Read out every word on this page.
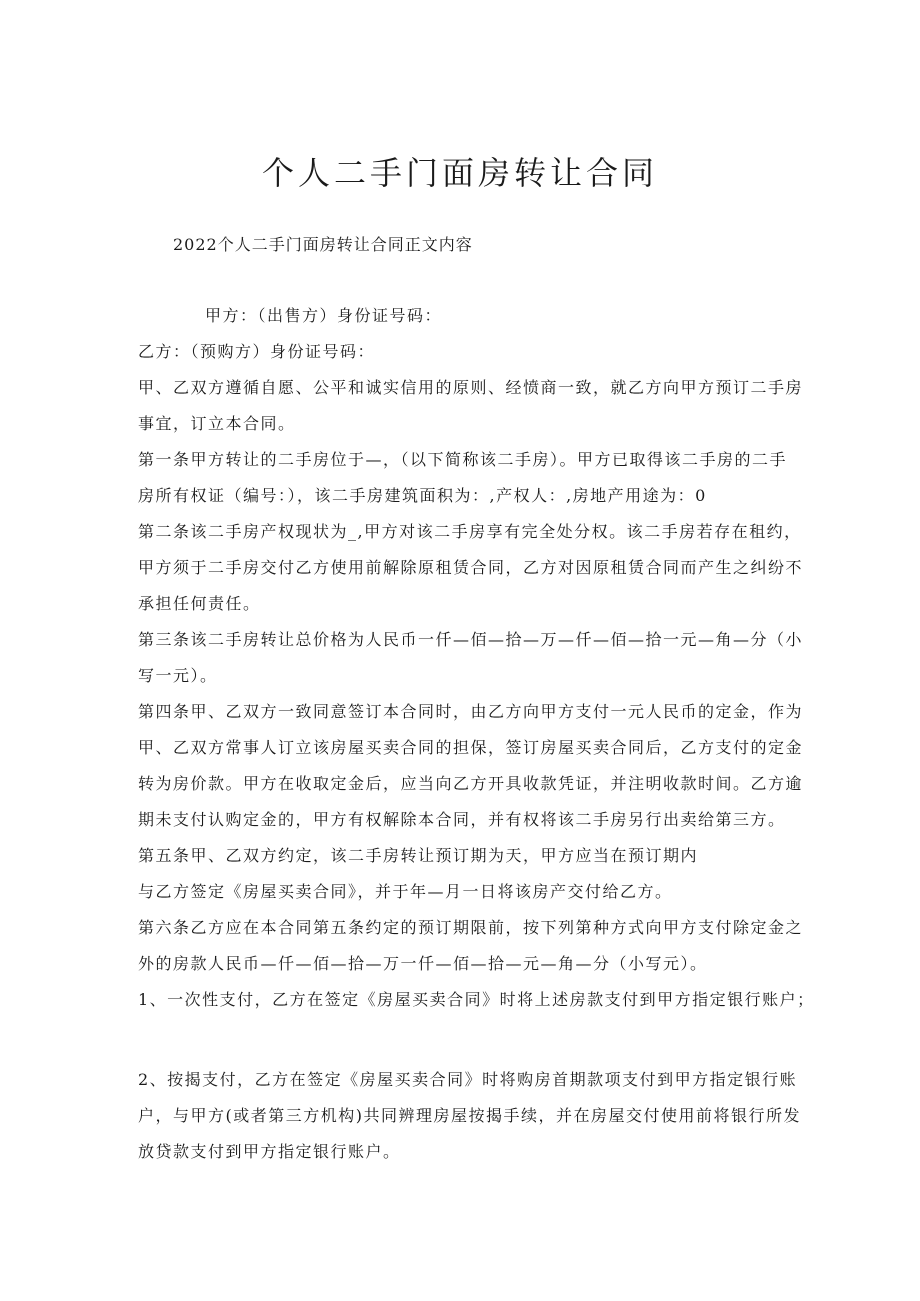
个人二手门面房转让合同

2022个人二手门面房转让合同正文内容

甲方：（出售方）身份证号码：

乙方：（预购方）身份证号码：

甲、乙双方遵循自愿、公平和诚实信用的原则、经愤商一致，就乙方向甲方预订二手房
事宜，订立本合同。

第一条甲方转让的二手房位于—，（以下简称该二手房）。甲方已取得该二手房的二手
房所有权证（编号：），该二手房建筑面积为：,产权人：,房地产用途为：0

第二条该二手房产权现状为_,甲方对该二手房享有完全处分权。该二手房若存在租约，
甲方须于二手房交付乙方使用前解除原租赁合同，乙方对因原租赁合同而产生之纠纷不
承担任何责任。

第三条该二手房转让总价格为人民币一仟—佰—拾—万—仟—佰—拾一元—角—分（小
写一元）。

第四条甲、乙双方一致同意签订本合同时，由乙方向甲方支付一元人民币的定金，作为
甲、乙双方常事人订立该房屋买卖合同的担保，签订房屋买卖合同后，乙方支付的定金
转为房价款。甲方在收取定金后，应当向乙方开具收款凭证，并注明收款时间。乙方逾
期未支付认购定金的，甲方有权解除本合同，并有权将该二手房另行出卖给第三方。

第五条甲、乙双方约定，该二手房转让预订期为天，甲方应当在预订期内
与乙方签定《房屋买卖合同》，并于年—月一日将该房产交付给乙方。

第六条乙方应在本合同第五条约定的预订期限前，按下列第种方式向甲方支付除定金之
外的房款人民币—仟—佰—拾—万一仟—佰—拾—元—角—分（小写元）。

1、一次性支付，乙方在签定《房屋买卖合同》时将上述房款支付到甲方指定银行账户；

2、按揭支付，乙方在签定《房屋买卖合同》时将购房首期款项支付到甲方指定银行账
户，与甲方(或者第三方机构)共同辨理房屋按揭手续，并在房屋交付使用前将银行所发
放贷款支付到甲方指定银行账户。
